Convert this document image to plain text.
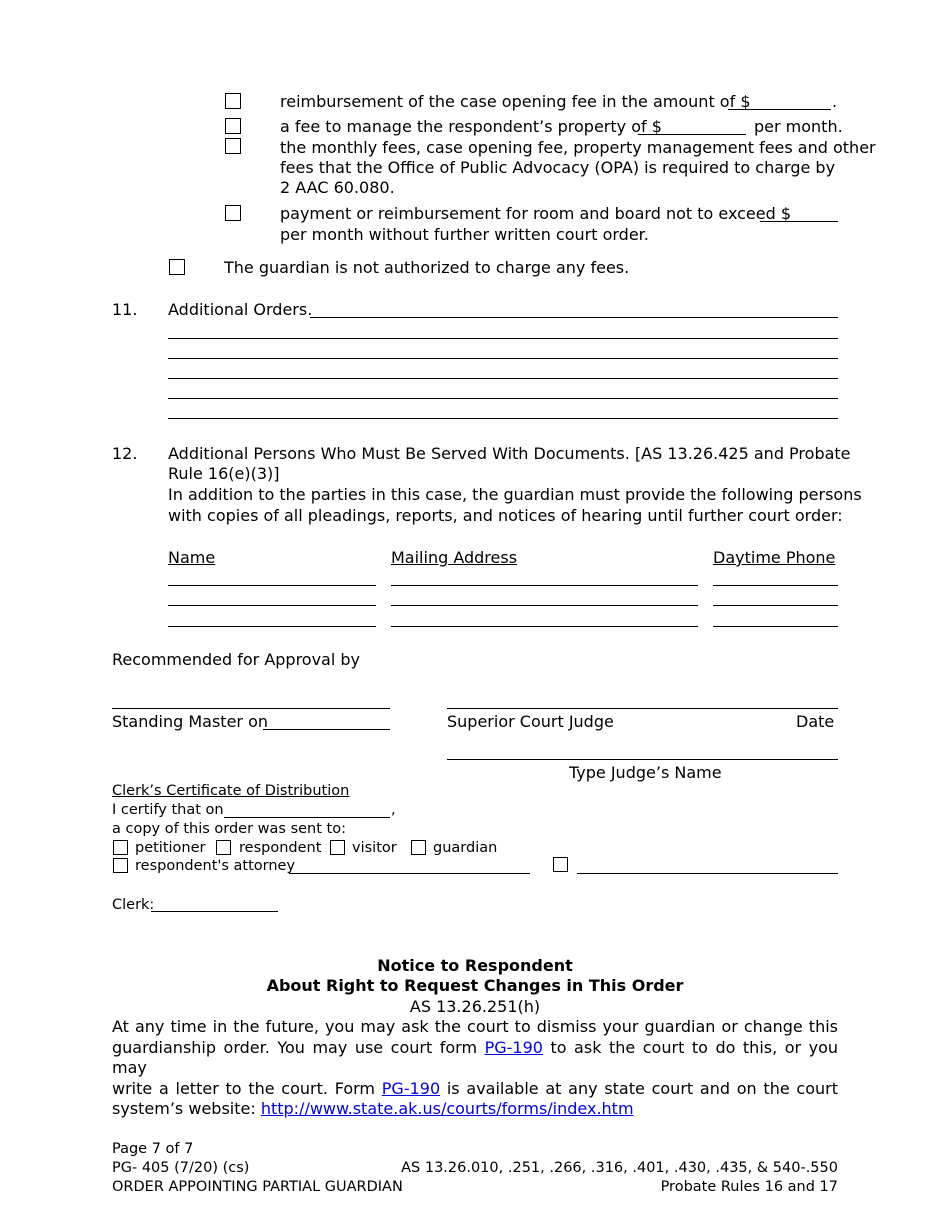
reimbursement of the case opening fee in the amount of $	.
a fee to manage the respondent’s property of $	per month.
the monthly fees, case opening fee, property management fees and other
fees that the Office of Public Advocacy (OPA) is required to charge by
2 AAC 60.080.
payment or reimbursement for room and board not to exceed $
per month without further written court order.
The guardian is not authorized to charge any fees.
11. Additional Orders.
12. Additional Persons Who Must Be Served With Documents. [AS 13.26.425 and Probate
Rule 16(e)(3)]
In addition to the parties in this case, the guardian must provide the following persons
with copies of all pleadings, reports, and notices of hearing until further court order:
Name	Mailing Address	Daytime Phone
Recommended for Approval by
Standing Master on	Superior Court Judge	Date
Type Judge’s Name
Clerk’s Certificate of Distribution
I certify that on	,
a copy of this order was sent to:
petitioner respondent visitor	guardian
respondent's attorney
Clerk:
Notice to Respondent
About Right to Request Changes in This Order
AS 13.26.251(h)
At any time in the future, you may ask the court to dismiss your guardian or change this
guardianship order. You may use court form PG-190 to ask the court to do this, or you may
write a letter to the court. Form PG-190 is available at any state court and on the court
system’s website: http://www.state.ak.us/courts/forms/index.htm
Page 7 of 7
PG- 405 (7/20) (cs)
ORDER APPOINTING PARTIAL GUARDIAN
AS 13.26.010, .251, .266, .316, .401, .430, .435, & 540-.550
Probate Rules 16 and 17
